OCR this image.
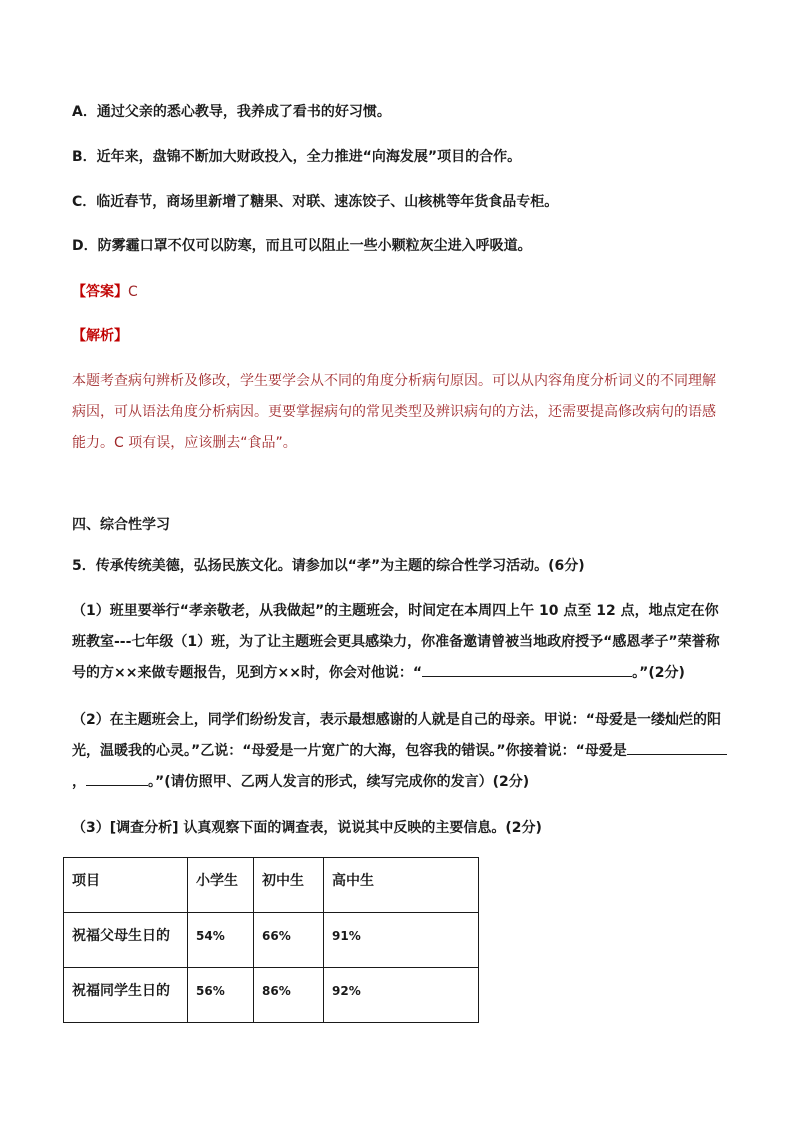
A．通过父亲的悉心教导，我养成了看书的好习惯。
B．近年来，盘锦不断加大财政投入，全力推进“向海发展”项目的合作。
C．临近春节，商场里新增了糖果、对联、速冻饺子、山核桃等年货食品专柜。
D．防雾霾口罩不仅可以防寒，而且可以阻止一些小颗粒灰尘进入呼吸道。
【答案】C
【解析】
本题考查病句辨析及修改，学生要学会从不同的角度分析病句原因。可以从内容角度分析词义的不同理解病因，可从语法角度分析病因。更要掌握病句的常见类型及辨识病句的方法，还需要提高修改病句的语感能力。C 项有误，应该删去“食品”。
四、综合性学习
5．传承传统美德，弘扬民族文化。请参加以“孝”为主题的综合性学习活动。(6分)
（1）班里要举行“孝亲敬老，从我做起”的主题班会，时间定在本周四上午 10 点至 12 点，地点定在你班教室---七年级（1）班，为了让主题班会更具感染力，你准备邀请曾被当地政府授予“感恩孝子”荣誉称号的方××来做专题报告，见到方××时，你会对他说：“	。”(2分)
（2）在主题班会上，同学们纷纷发言，表示最想感谢的人就是自己的母亲。甲说：“母爱是一缕灿烂的阳光，温暖我的心灵。”乙说：“母爱是一片宽广的大海，包容我的错误。”你接着说：“母爱是，	。”(请仿照甲、乙两人发言的形式，续写完成你的发言）(2分)
（3）[调查分析] 认真观察下面的调查表，说说其中反映的主要信息。(2分)
项目	小学生	初中生	高中生
祝福父母生日的	54%	66%	91%
祝福同学生日的	56%	86%	92%
